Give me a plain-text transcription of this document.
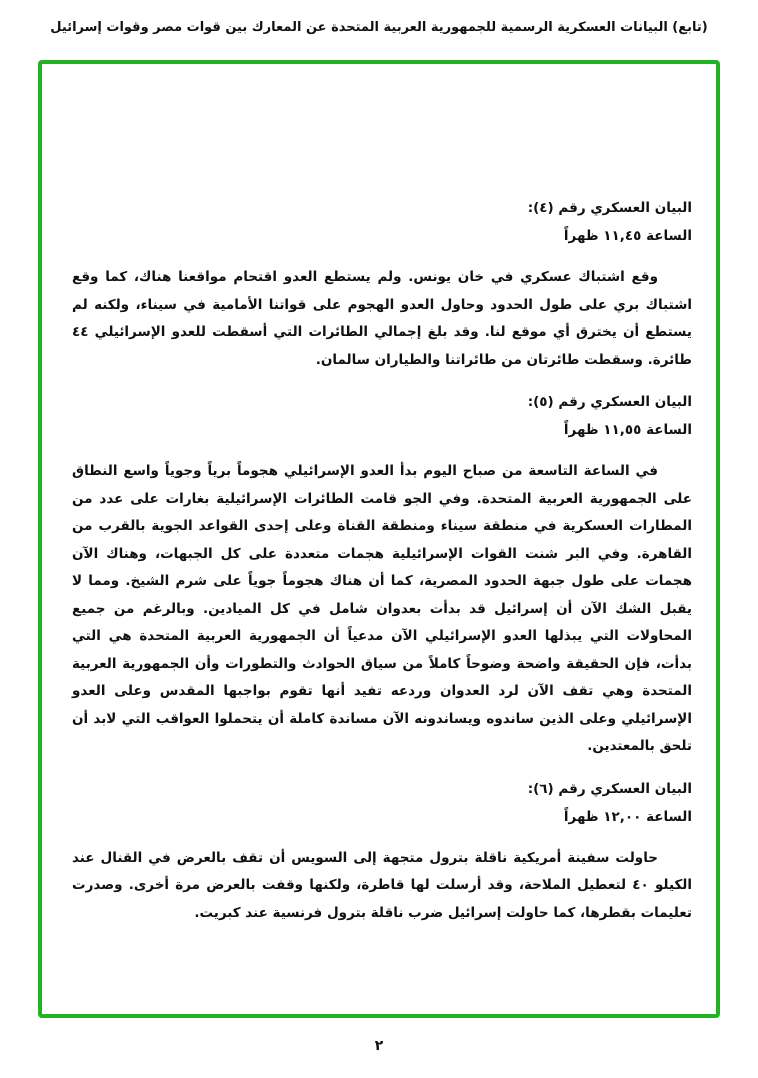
(تابع) البيانات العسكرية الرسمية للجمهورية العربية المتحدة عن المعارك بين قوات مصر وقوات إسرائيل
البيان العسكري رقم (٤):
الساعة ١١,٤٥ ظهراً

وقع اشتباك عسكري في خان يونس. ولم يستطع العدو اقتحام مواقعنا هناك، كما وقع اشتباك بري على طول الحدود وحاول العدو الهجوم على قواتنا الأمامية في سيناء، ولكنه لم يستطع أن يخترق أي موقع لنا. وقد بلغ إجمالي الطائرات التي أسقطت للعدو الإسرائيلي ٤٤ طائرة. وسقطت طائرتان من طائراتنا والطياران سالمان.

البيان العسكري رقم (٥):
الساعة ١١,٥٥ ظهراً

في الساعة التاسعة من صباح اليوم بدأ العدو الإسرائيلي هجوماً برياً وجوياً واسع النطاق على الجمهورية العربية المتحدة. وفي الجو قامت الطائرات الإسرائيلية بغارات على عدد من المطارات العسكرية في منطقة سيناء ومنطقة القناة وعلى إحدى القواعد الجوية بالقرب من القاهرة. وفي البر شنت القوات الإسرائيلية هجمات متعددة على كل الجبهات، وهناك الآن هجمات على طول جبهة الحدود المصرية، كما أن هناك هجوماً جوياً على شرم الشيخ. ومما لا يقبل الشك الآن أن إسرائيل قد بدأت بعدوان شامل في كل الميادين. وبالرغم من جميع المحاولات التي يبذلها العدو الإسرائيلي الآن مدعياً أن الجمهورية العربية المتحدة هي التي بدأت، فإن الحقيقة واضحة وضوحاً كاملاً من سياق الحوادث والتطورات وأن الجمهورية العربية المتحدة وهي تقف الآن لرد العدوان وردعه تفيد أنها تقوم بواجبها المقدس وعلى العدو الإسرائيلي وعلى الذين ساندوه ويساندونه الآن مساندة كاملة أن يتحملوا العواقب التي لابد أن تلحق بالمعتدين.

البيان العسكري رقم (٦):
الساعة ١٢,٠٠ ظهراً

حاولت سفينة أمريكية ناقلة بترول متجهة إلى السويس أن تقف بالعرض في القنال عند الكيلو ٤٠ لتعطيل الملاحة، وقد أرسلت لها قاطرة، ولكنها وقفت بالعرض مرة أخرى. وصدرت تعليمات بقطرها، كما حاولت إسرائيل ضرب ناقلة بترول فرنسية عند كبريت.

٢
